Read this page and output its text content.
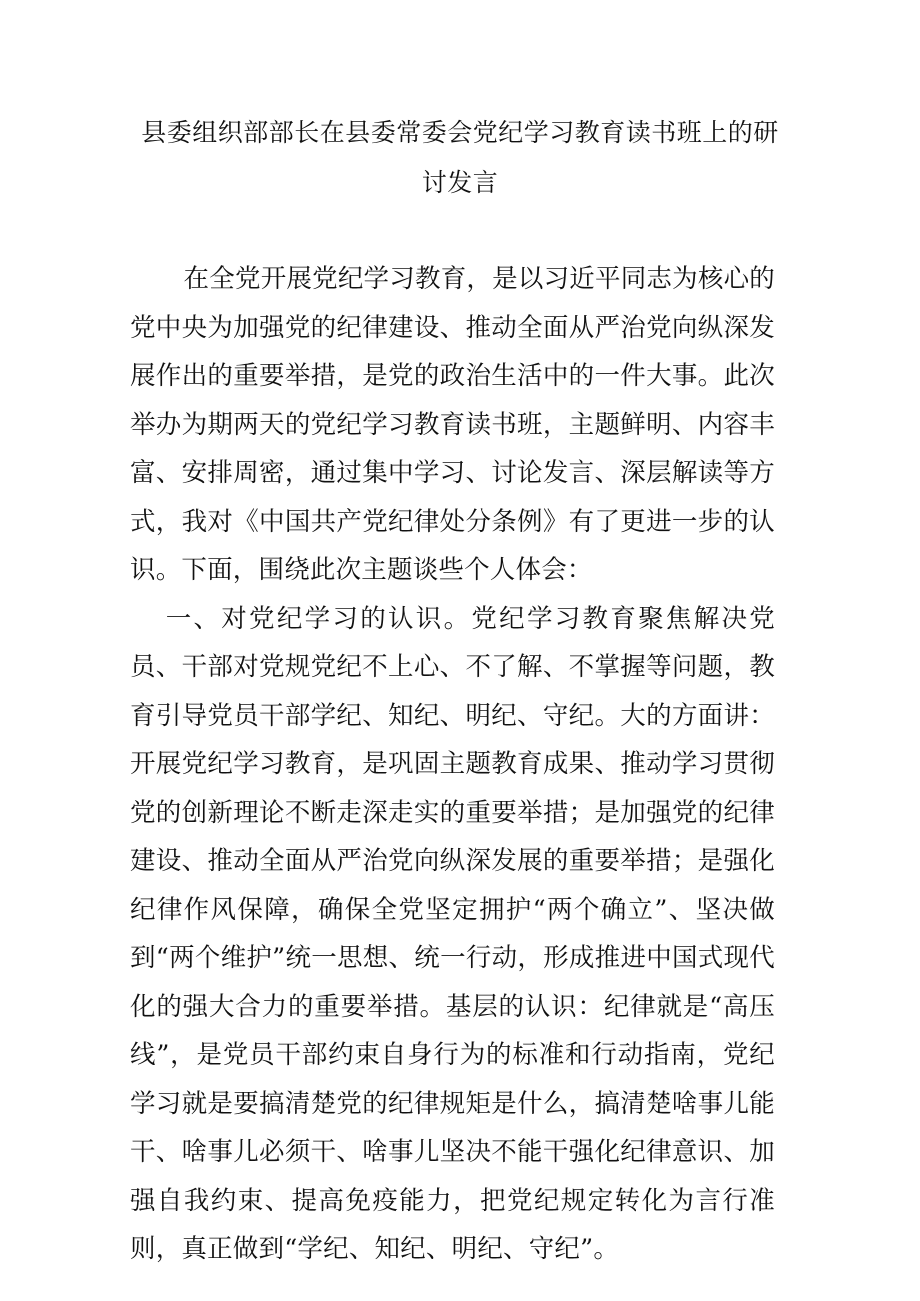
县委组织部部长在县委常委会党纪学习教育读书班上的研
讨发言

在全党开展党纪学习教育，是以习近平同志为核心的党中央为加强党的纪律建设、推动全面从严治党向纵深发展作出的重要举措，是党的政治生活中的一件大事。此次举办为期两天的党纪学习教育读书班，主题鲜明、内容丰富、安排周密，通过集中学习、讨论发言、深层解读等方式，我对《中国共产党纪律处分条例》有了更进一步的认识。下面，围绕此次主题谈些个人体会：

一、对党纪学习的认识。党纪学习教育聚焦解决党员、干部对党规党纪不上心、不了解、不掌握等问题，教育引导党员干部学纪、知纪、明纪、守纪。大的方面讲：开展党纪学习教育，是巩固主题教育成果、推动学习贯彻党的创新理论不断走深走实的重要举措；是加强党的纪律建设、推动全面从严治党向纵深发展的重要举措；是强化纪律作风保障，确保全党坚定拥护“两个确立”、坚决做到“两个维护”统一思想、统一行动，形成推进中国式现代化的强大合力的重要举措。基层的认识：纪律就是“高压线”，是党员干部约束自身行为的标准和行动指南，党纪学习就是要搞清楚党的纪律规矩是什么，搞清楚啥事儿能干、啥事儿必须干、啥事儿坚决不能干强化纪律意识、加强自我约束、提高免疫能力，把党纪规定转化为言行准则，真正做到“学纪、知纪、明纪、守纪”。
